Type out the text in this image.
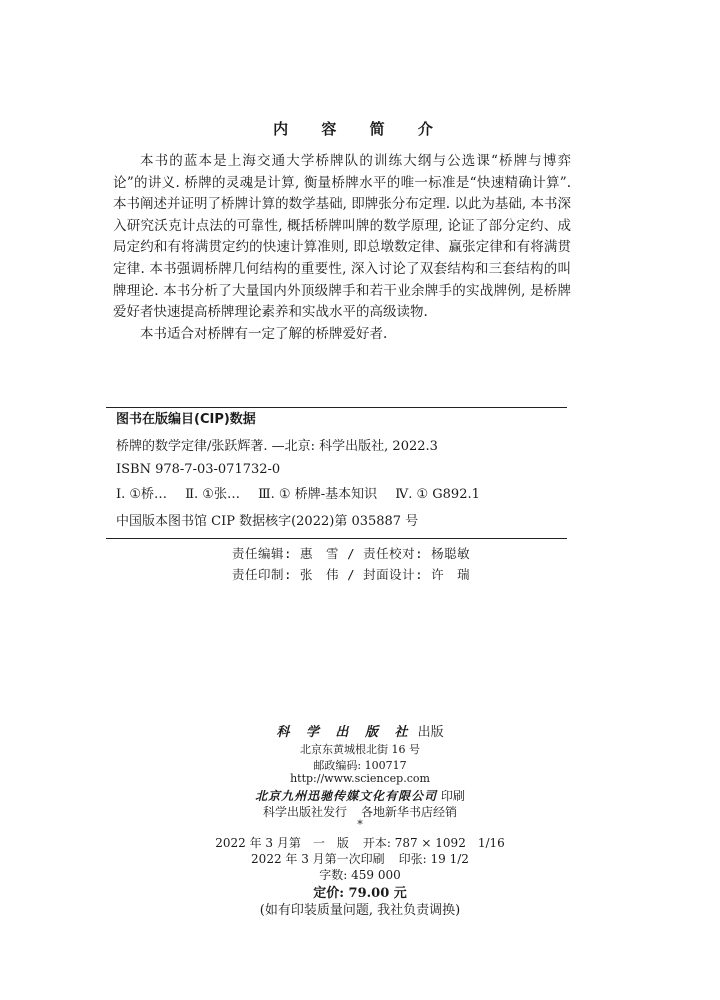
内 容 简 介

本书的蓝本是上海交通大学桥牌队的训练大纲与公选课“桥牌与博弈论”的讲义. 桥牌的灵魂是计算, 衡量桥牌水平的唯一标准是“快速精确计算”. 本书阐述并证明了桥牌计算的数学基础, 即牌张分布定理. 以此为基础, 本书深入研究沃克计点法的可靠性, 概括桥牌叫牌的数学原理, 论证了部分定约、成局定约和有将满贯定约的快速计算准则, 即总墩数定律、赢张定律和有将满贯定律. 本书强调桥牌几何结构的重要性, 深入讨论了双套结构和三套结构的叫牌理论. 本书分析了大量国内外顶级牌手和若干业余牌手的实战牌例, 是桥牌爱好者快速提高桥牌理论素养和实战水平的高级读物.

本书适合对桥牌有一定了解的桥牌爱好者.

图书在版编目(CIP)数据
桥牌的数学定律/张跃辉著. —北京: 科学出版社, 2022.3
ISBN 978-7-03-071732-0
Ⅰ. ①桥… Ⅱ. ①张… Ⅲ. ① 桥牌-基本知识 Ⅳ. ① G892.1
中国版本图书馆 CIP 数据核字(2022)第 035887 号
责任编辑: 惠　雪 / 责任校对: 杨聪敏
责任印制: 张　伟 / 封面设计: 许　瑞
科 学 出 版 社 出版
北京东黄城根北街 16 号
邮政编码: 100717
http://www.sciencep.com
北京九州迅驰传媒文化有限公司 印刷
科学出版社发行 各地新华书店经销
*
2022 年 3 月第　一　版 开本: 787 × 1092　1/16
2022 年 3 月第一次印刷 印张: 19 1/2
字数: 459 000
定价: 79.00 元
(如有印装质量问题, 我社负责调换)
